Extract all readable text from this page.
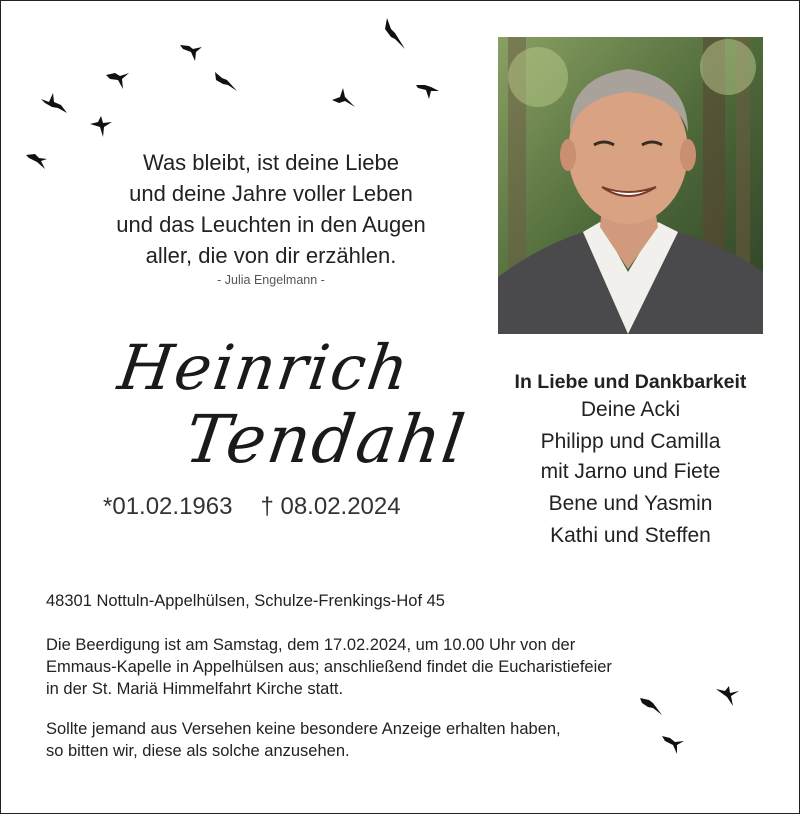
Was bleibt, ist deine Liebe
und deine Jahre voller Leben
und das Leuchten in den Augen
aller, die von dir erzählen.
- Julia Engelmann -
Heinrich
Tendahl
*01.02.1963 † 08.02.2024
In Liebe und Dankbarkeit
Deine Acki
Philipp und Camilla
mit Jarno und Fiete
Bene und Yasmin
Kathi und Steffen
48301 Nottuln-Appelhülsen, Schulze-Frenkings-Hof 45
Die Beerdigung ist am Samstag, dem 17.02.2024, um 10.00 Uhr von der
Emmaus-Kapelle in Appelhülsen aus; anschließend findet die Eucharistiefeier
in der St. Mariä Himmelfahrt Kirche statt.
Sollte jemand aus Versehen keine besondere Anzeige erhalten haben,
so bitten wir, diese als solche anzusehen.
